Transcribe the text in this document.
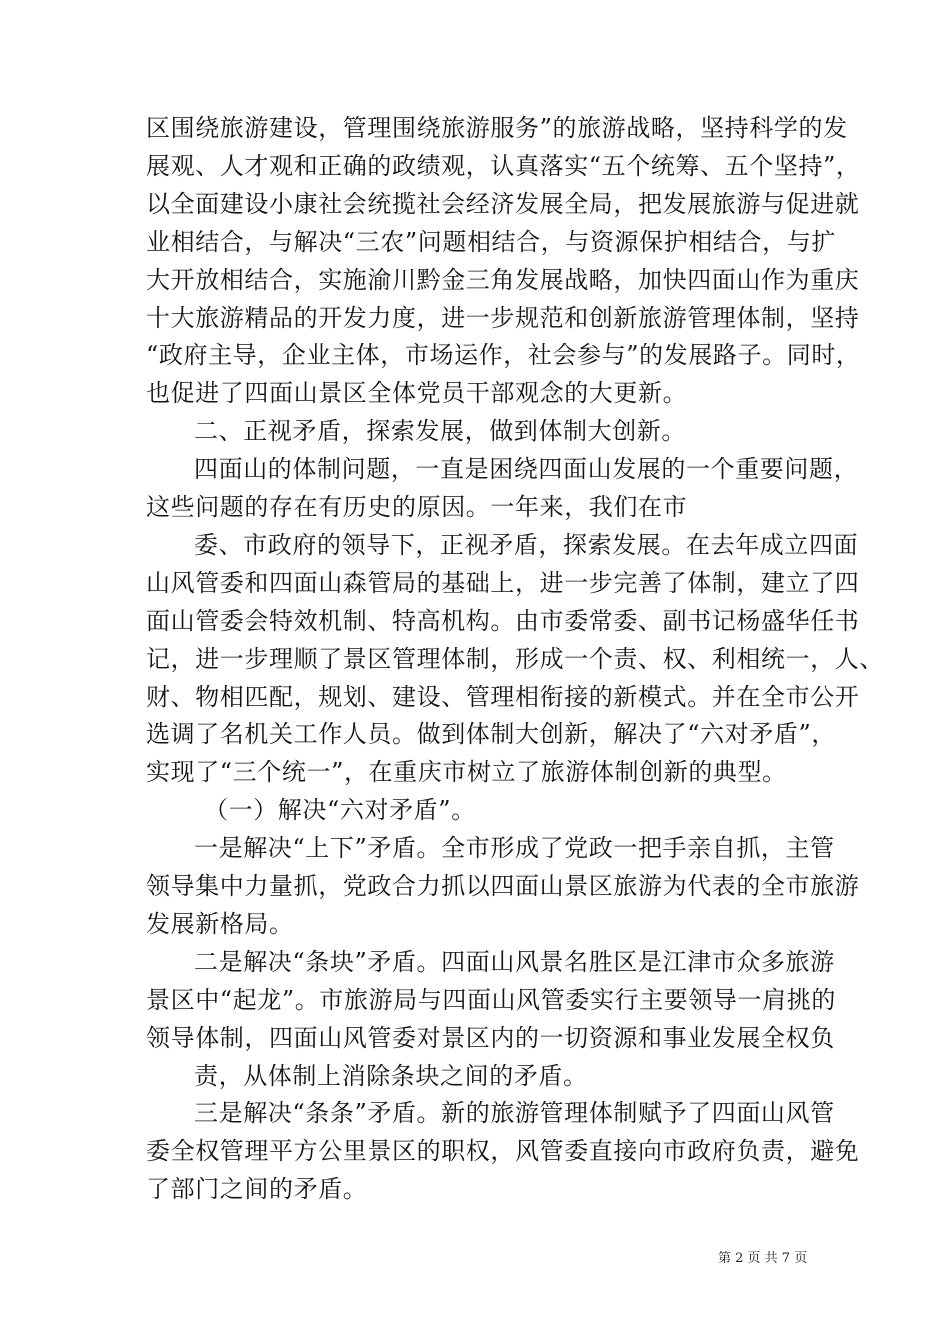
区围绕旅游建设，管理围绕旅游服务”的旅游战略，坚持科学的发
展观、人才观和正确的政绩观，认真落实“五个统筹、五个坚持”，
以全面建设小康社会统揽社会经济发展全局，把发展旅游与促进就
业相结合，与解决“三农”问题相结合，与资源保护相结合，与扩
大开放相结合，实施渝川黔金三角发展战略，加快四面山作为重庆
十大旅游精品的开发力度，进一步规范和创新旅游管理体制，坚持
“政府主导，企业主体，市场运作，社会参与”的发展路子。同时，
也促进了四面山景区全体党员干部观念的大更新。
二、正视矛盾，探索发展，做到体制大创新。
四面山的体制问题，一直是困绕四面山发展的一个重要问题，
这些问题的存在有历史的原因。一年来，我们在市
委、市政府的领导下，正视矛盾，探索发展。在去年成立四面
山风管委和四面山森管局的基础上，进一步完善了体制，建立了四
面山管委会特效机制、特高机构。由市委常委、副书记杨盛华任书
记，进一步理顺了景区管理体制，形成一个责、权、利相统一，人、
财、物相匹配，规划、建设、管理相衔接的新模式。并在全市公开
选调了名机关工作人员。做到体制大创新，解决了“六对矛盾”，
实现了“三个统一”，在重庆市树立了旅游体制创新的典型。
（一）解决“六对矛盾”。
一是解决“上下”矛盾。全市形成了党政一把手亲自抓，主管
领导集中力量抓，党政合力抓以四面山景区旅游为代表的全市旅游
发展新格局。
二是解决“条块”矛盾。四面山风景名胜区是江津市众多旅游
景区中“起龙”。市旅游局与四面山风管委实行主要领导一肩挑的
领导体制，四面山风管委对景区内的一切资源和事业发展全权负
责，从体制上消除条块之间的矛盾。
三是解决“条条”矛盾。新的旅游管理体制赋予了四面山风管
委全权管理平方公里景区的职权，风管委直接向市政府负责，避免
了部门之间的矛盾。
第 2 页 共 7 页
